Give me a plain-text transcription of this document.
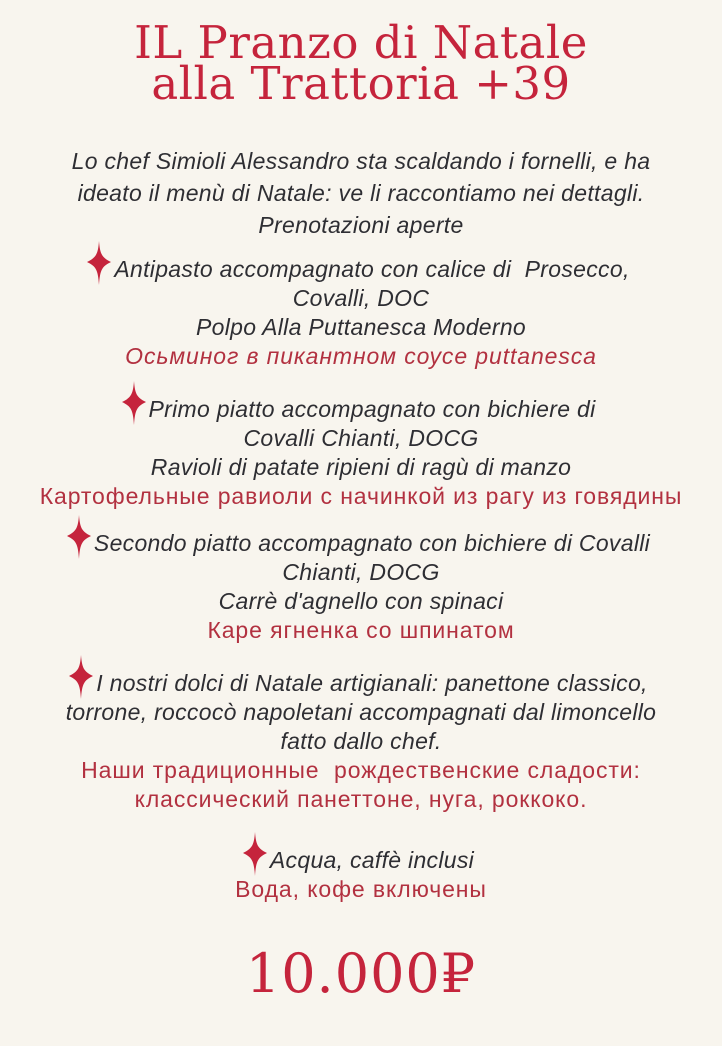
IL Pranzo di Natale
alla Trattoria +39
Lo chef Simioli Alessandro sta scaldando i fornelli, e ha
ideato il menù di Natale: ve li raccontiamo nei dettagli.
Prenotazioni aperte
Antipasto accompagnato con calice di  Prosecco,
Covalli, DOC
Polpo Alla Puttanesca Moderno
Осьминог в пикантном соусе puttanesca
Primo piatto accompagnato con bichiere di
Covalli Chianti, DOCG
Ravioli di patate ripieni di ragù di manzo
Картофельные равиоли с начинкой из рагу из говядины
Secondo piatto accompagnato con bichiere di Covalli
Chianti, DOCG
Carrè d'agnello con spinaci
Каре ягненка со шпинатом
I nostri dolci di Natale artigianali: panettone classico,
torrone, roccocò napoletani accompagnati dal limoncello
fatto dallo chef.
Наши традиционные  рождественские сладости:
классический панеттоне, нуга, роккоко.
Acqua, caffè inclusi
Вода, кофе включены
10.000₽
